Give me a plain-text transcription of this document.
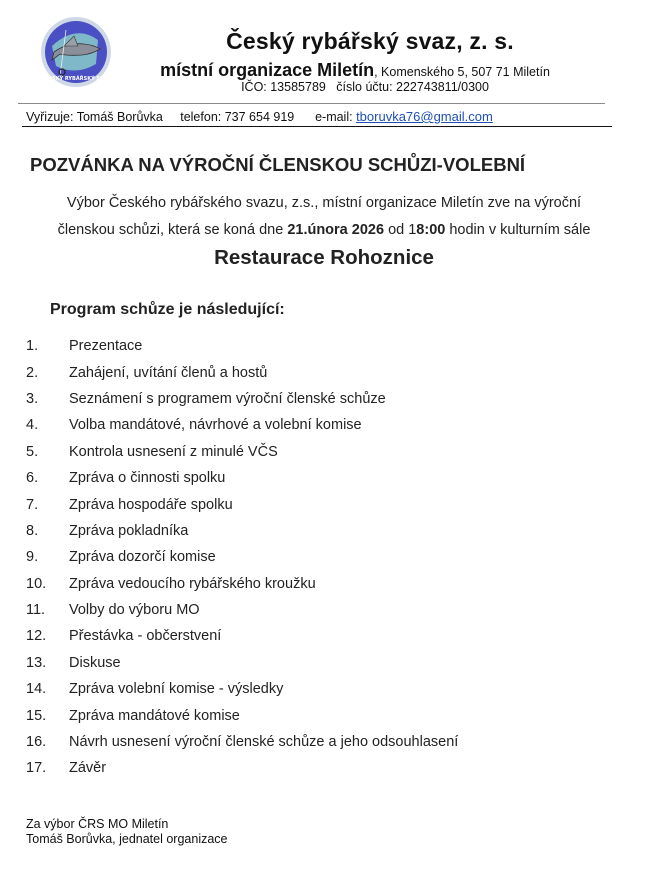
ČESKÝ RYBÁŘSKÝ SVAZ
Český rybářský svaz, z. s.
místní organizace Miletín, Komenského 5, 507 71 Miletín
IČO: 13585789   číslo účtu: 222743811/0300
Vyřizuje: Tomáš Borůvka telefon: 737 654 919 e-mail: tboruvka76@gmail.com
POZVÁNKA NA VÝROČNÍ ČLENSKOU SCHŮZI-VOLEBNÍ
Výbor Českého rybářského svazu, z.s., místní organizace Miletín zve na výroční
členskou schůzi, která se koná dne 21.února 2026 od 18:00 hodin v kulturním sále
Restaurace Rohoznice
Program schůze je následující:
1.	Prezentace
2.	Zahájení, uvítání členů a hostů
3.	Seznámení s programem výroční členské schůze
4.	Volba mandátové, návrhové a volební komise
5.	Kontrola usnesení z minulé VČS
6.	Zpráva o činnosti spolku
7.	Zpráva hospodáře spolku
8.	Zpráva pokladníka
9.	Zpráva dozorčí komise
10.	Zpráva vedoucího rybářského kroužku
11.	Volby do výboru MO
12.	Přestávka - občerstvení
13.	Diskuse
14.	Zpráva volební komise - výsledky
15.	Zpráva mandátové komise
16.	Návrh usnesení výroční členské schůze a jeho odsouhlasení
17.	Závěr
Za výbor ČRS MO Miletín
Tomáš Borůvka, jednatel organizace
